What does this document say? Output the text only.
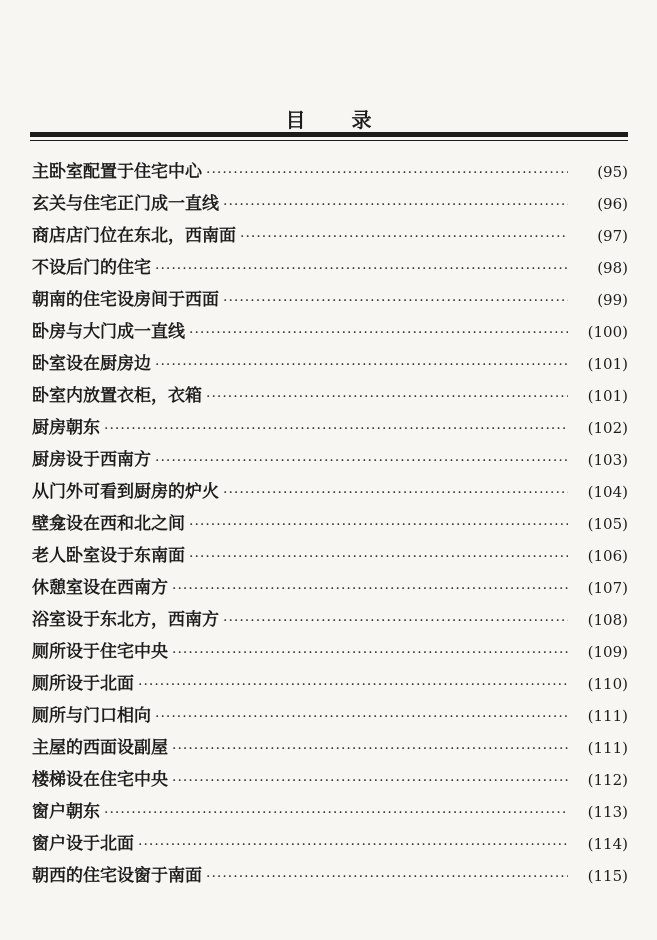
目 录
主卧室配置于住宅中心 ·····	(95)
玄关与住宅正门成一直线 ·····	(96)
商店店门位在东北，西南面 ·····	(97)
不设后门的住宅 ·····	(98)
朝南的住宅设房间于西面 ·····	(99)
卧房与大门成一直线 ·····	(100)
卧室设在厨房边 ·····	(101)
卧室内放置衣柜，衣箱 ·····	(101)
厨房朝东 ·····	(102)
厨房设于西南方 ·····	(103)
从门外可看到厨房的炉火 ·····	(104)
壁龛设在西和北之间 ·····	(105)
老人卧室设于东南面 ·····	(106)
休憩室设在西南方 ·····	(107)
浴室设于东北方，西南方 ·····	(108)
厕所设于住宅中央 ·····	(109)
厕所设于北面 ·····	(110)
厕所与门口相向 ·····	(111)
主屋的西面设副屋 ·····	(111)
楼梯设在住宅中央 ·····	(112)
窗户朝东 ·····	(113)
窗户设于北面 ·····	(114)
朝西的住宅设窗于南面 ·····	(115)
